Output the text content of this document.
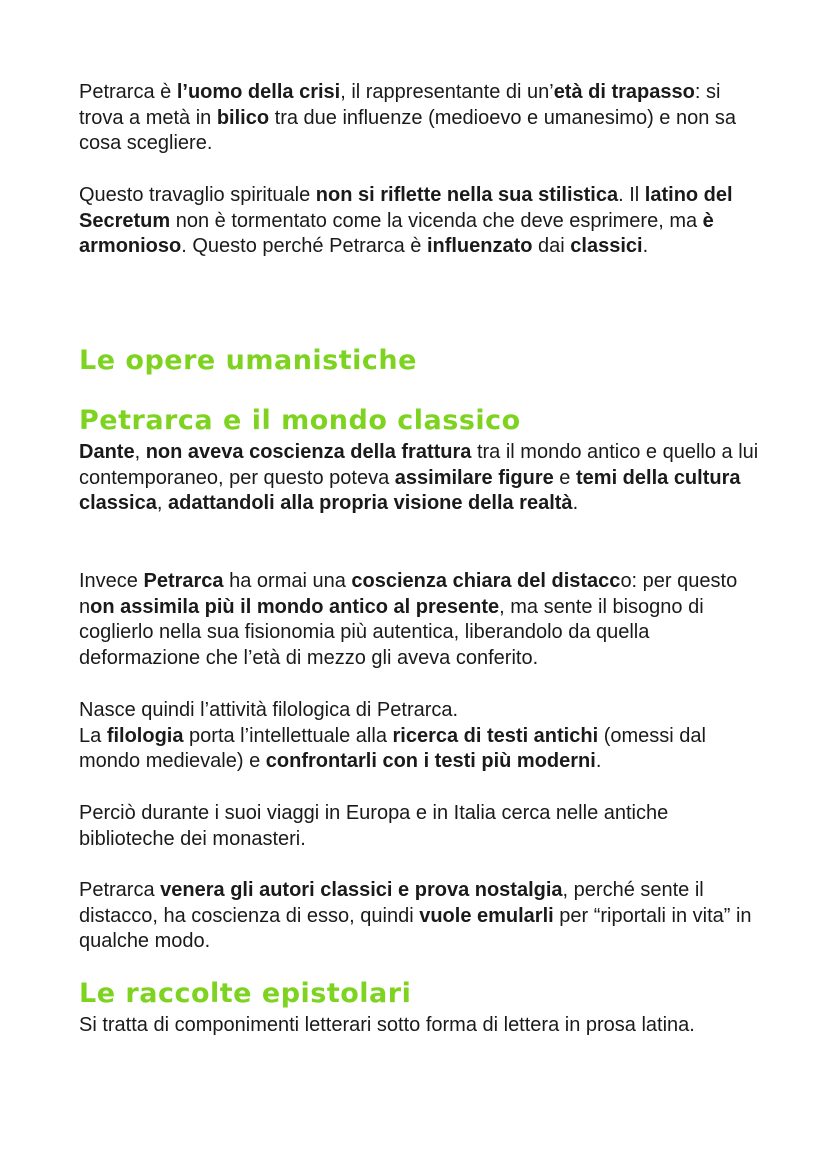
Petrarca è l’uomo della crisi, il rappresentante di un’età di trapasso: si trova a metà in bilico tra due influenze (medioevo e umanesimo) e non sa cosa scegliere.

Questo travaglio spirituale non si riflette nella sua stilistica. Il latino del Secretum non è tormentato come la vicenda che deve esprimere, ma è armonioso. Questo perché Petrarca è influenzato dai classici.

Le opere umanistiche
Petrarca e il mondo classico

Dante, non aveva coscienza della frattura tra il mondo antico e quello a lui contemporaneo, per questo poteva assimilare figure e temi della cultura classica, adattandoli alla propria visione della realtà.

Invece Petrarca ha ormai una coscienza chiara del distacco: per questo non assimila più il mondo antico al presente, ma sente il bisogno di coglierlo nella sua fisionomia più autentica, liberandolo da quella deformazione che l’età di mezzo gli aveva conferito.

Nasce quindi l’attività filologica di Petrarca.
La filologia porta l’intellettuale alla ricerca di testi antichi (omessi dal mondo medievale) e confrontarli con i testi più moderni.

Perciò durante i suoi viaggi in Europa e in Italia cerca nelle antiche biblioteche dei monasteri.

Petrarca venera gli autori classici e prova nostalgia, perché sente il distacco, ha coscienza di esso, quindi vuole emularli per “riportali in vita” in qualche modo.

Le raccolte epistolari

Si tratta di componimenti letterari sotto forma di lettera in prosa latina.
